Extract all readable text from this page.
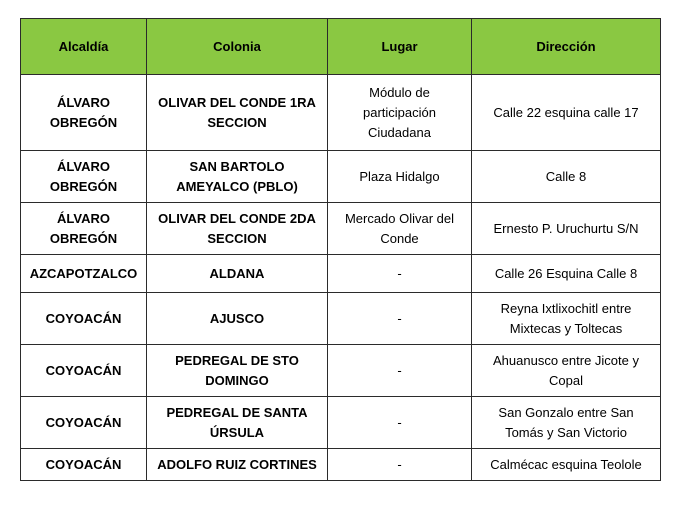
Alcaldía	Colonia	Lugar	Dirección
ÁLVARO OBREGÓN	OLIVAR DEL CONDE 1RA SECCION	Módulo de participación Ciudadana	Calle 22 esquina calle 17
ÁLVARO OBREGÓN	SAN BARTOLO AMEYALCO (PBLO)	Plaza Hidalgo	Calle 8
ÁLVARO OBREGÓN	OLIVAR DEL CONDE 2DA SECCION	Mercado Olivar del Conde	Ernesto P. Uruchurtu S/N
AZCAPOTZALCO	ALDANA	-	Calle 26 Esquina Calle 8
COYOACÁN	AJUSCO	-	Reyna Ixtlixochitl entre Mixtecas y Toltecas
COYOACÁN	PEDREGAL DE STO DOMINGO	-	Ahuanusco entre Jicote y Copal
COYOACÁN	PEDREGAL DE SANTA ÚRSULA	-	San Gonzalo entre San Tomás y San Victorio
COYOACÁN	ADOLFO RUIZ CORTINES	-	Calmécac esquina Teolole
